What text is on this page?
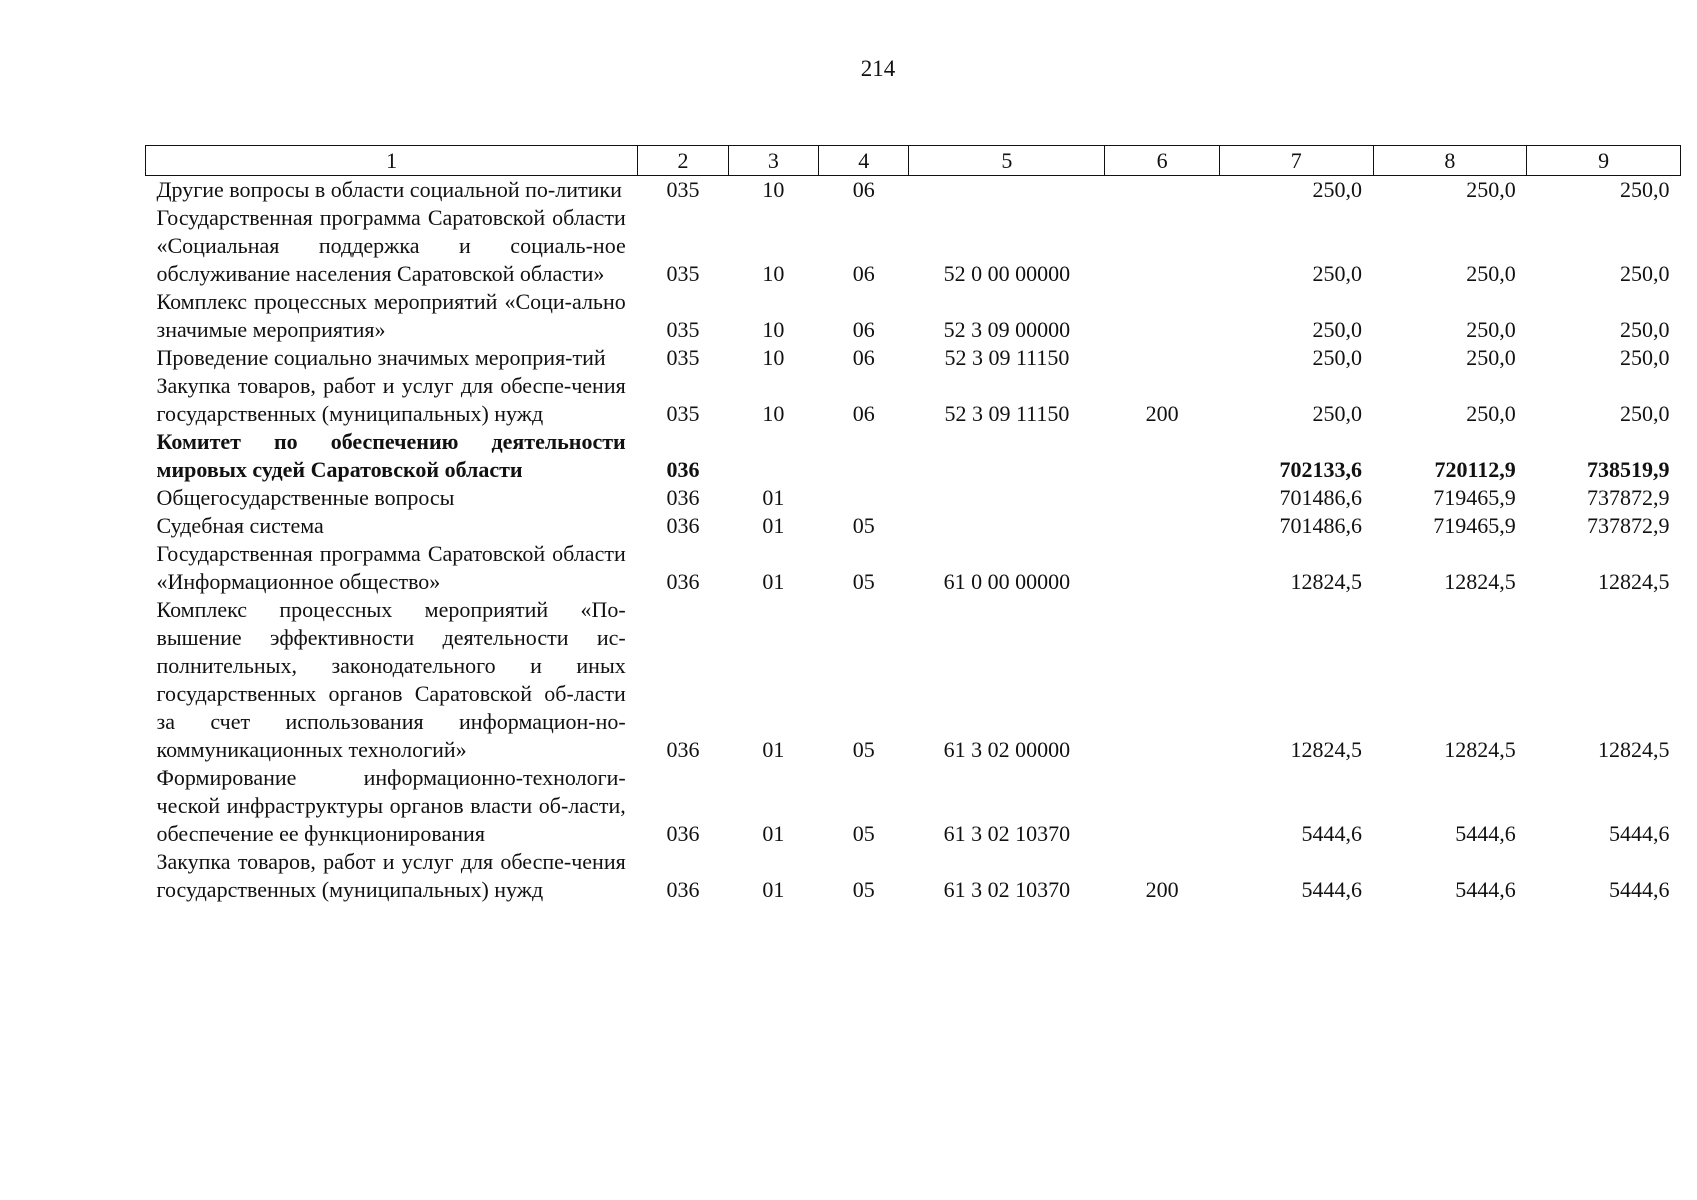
214
1	2	3	4	5	6	7	8	9
Другие вопросы в области социальной по-литики	035	10	06			250,0	250,0	250,0
Государственная программа Саратовской области «Социальная поддержка и социаль-ное обслуживание населения Саратовской области»	035	10	06	52 0 00 00000		250,0	250,0	250,0
Комплекс процессных мероприятий «Соци-ально значимые мероприятия»	035	10	06	52 3 09 00000		250,0	250,0	250,0
Проведение социально значимых мероприя-тий	035	10	06	52 3 09 11150		250,0	250,0	250,0
Закупка товаров, работ и услуг для обеспе-чения государственных (муниципальных) нужд	035	10	06	52 3 09 11150	200	250,0	250,0	250,0
Комитет по обеспечению деятельности мировых судей Саратовской области	036					702133,6	720112,9	738519,9
Общегосударственные вопросы	036	01				701486,6	719465,9	737872,9
Судебная система	036	01	05			701486,6	719465,9	737872,9
Государственная программа Саратовской области «Информационное общество»	036	01	05	61 0 00 00000		12824,5	12824,5	12824,5
Комплекс процессных мероприятий «По-вышение эффективности деятельности ис-полнительных, законодательного и иных государственных органов Саратовской об-ласти за счет использования информацион-но-коммуникационных технологий»	036	01	05	61 3 02 00000		12824,5	12824,5	12824,5
Формирование информационно-технологи-ческой инфраструктуры органов власти об-ласти, обеспечение ее функционирования	036	01	05	61 3 02 10370		5444,6	5444,6	5444,6
Закупка товаров, работ и услуг для обеспе-чения государственных (муниципальных) нужд	036	01	05	61 3 02 10370	200	5444,6	5444,6	5444,6
